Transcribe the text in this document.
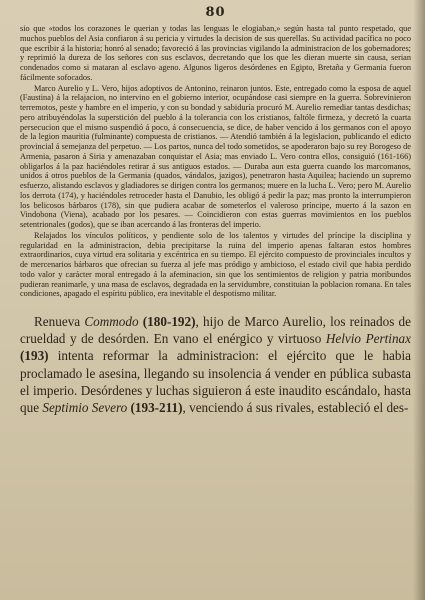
80

sio que «todos los corazones le querian y todas las lenguas le elogiaban,» según hasta tal punto respetado, que muchos pueblos del Asia confiaron á su pericia y virtudes la decision de sus querellas. Su actividad pacífica no poco que escribir á la historia; honró al senado; favoreció á las provincias vigilando la administracion de los gobernadores; y reprimió la dureza de los señores con sus esclavos, decretando que los que les dieran muerte sin causa, serian condenados como si mataran al esclavo ageno. Algunos ligeros desórdenes en Egipto, Bretaña y Germania fueron fácilmente sofocados.

Marco Aurelio y L. Vero, hijos adoptivos de Antonino, reinaron juntos. Este, entregado como la esposa de aquel (Faustina) á la relajacion, no intervino en el gobierno interior, ocupándose casi siempre en la guerra. Sobrevinieron terremotos, peste y hambre en el imperio, y con su bondad y sabiduría procuró M. Aurelio remediar tantas desdichas; pero atribuyéndolas la superstición del pueblo á la tolerancia con los cristianos, faltóle firmeza, y decretó la cuarta persecucion que el mismo suspendió á poco, á consecuencia, se dice, de haber vencido á los germanos con el apoyo de la legion mauritia (fulminante) compuesta de cristianos. — Atendió también á la legislacion, publicando el edicto provincial á semejanza del perpetuo. — Los partos, nunca del todo sometidos, se apoderaron bajo su rey Borogeso de Armenia, pasaron á Siria y amenazaban conquistar el Asia; mas enviado L. Vero contra ellos, consiguió (161-166) obligarlos á la paz haciéndoles retirar á sus antiguos estados. — Duraba aun esta guerra cuando los marcomanos, unidos á otros pueblos de la Germania (quados, vándalos, jazigos), penetraron hasta Aquilea; haciendo un supremo esfuerzo, alistando esclavos y gladiadores se dirigen contra los germanos; muere en la lucha L. Vero; pero M. Aurelio los derrota (174), y haciéndoles retroceder hasta el Danubio, les obligó á pedir la paz; mas pronto la interrumpieron los belicosos bárbaros (178), sin que pudiera acabar de someterlos el valeroso príncipe, muerto á la sazon en Vindobona (Viena), acabado por los pesares. — Coincidieron con estas guerras movimientos en los pueblos setentrionales (godos), que se iban acercando á las fronteras del imperio.

Relajados los vínculos políticos, y pendiente solo de los talentos y virtudes del príncipe la disciplina y regularidad en la administracion, debia precipitarse la ruina del imperio apenas faltaran estos hombres extraordinarios, cuya virtud era solitaria y excéntrica en su tiempo. El ejército compuesto de provinciales incultos y de mercenarios bárbaros que ofrecian su fuerza al jefe mas pródigo y ambicioso, el estado civil que habia perdido todo valor y carácter moral entregado á la afeminacion, sin que los sentimientos de religion y patria moribundos pudieran reanimarle, y una masa de esclavos, degradada en la servidumbre, constituian la poblacion romana. En tales condiciones, apagado el espíritu público, era inevitable el despotismo militar.

Renueva Commodo (180-192), hijo de Marco Aurelio, los reinados de crueldad y de desórden. En vano el enérgico y virtuoso Helvio Pertinax (193) intenta reformar la administracion: el ejército que le habia proclamado le asesina, llegando su insolencia á vender en pública subasta el imperio. Desórdenes y luchas siguieron á este inaudito escándalo, hasta que Septimio Severo (193-211), venciendo á sus rivales, estableció el des-
